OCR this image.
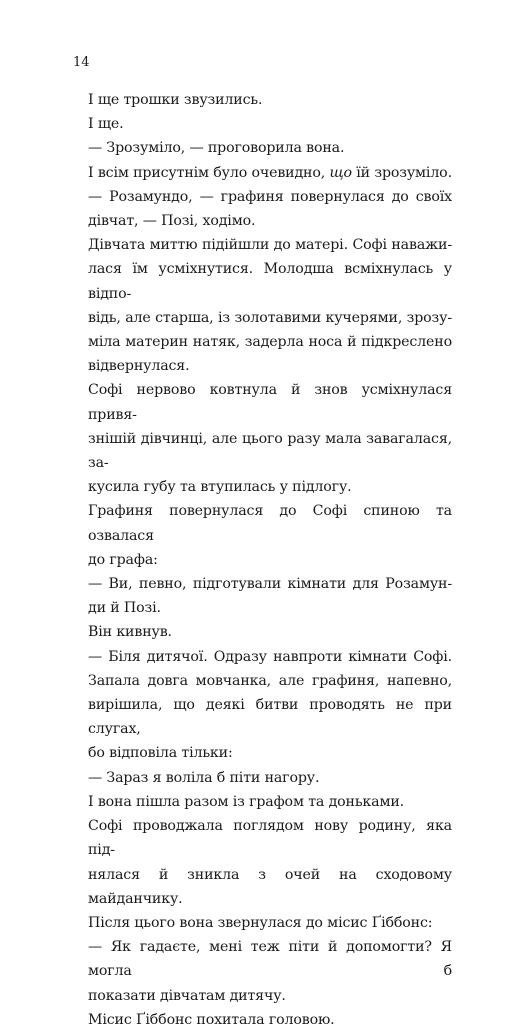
14
І ще трошки звузились.
І ще.
— Зрозуміло, — проговорила вона.
І всім присутнім було очевидно, що їй зрозуміло.
— Розамундо, — графиня повернулася до своїх
дівчат, — Позі, ходімо.
Дівчата миттю підійшли до матері. Софі наважи-
лася їм усміхнутися. Молодша всміхнулась у відпо-
відь, але старша, із золотавими кучерями, зрозу-
міла материн натяк, задерла носа й підкреслено
відвернулася.
Софі нервово ковтнула й знов усміхнулася привя-
знішій дівчинці, але цього разу мала завагалася, за-
кусила губу та втупилась у підлогу.
Графиня повернулася до Софі спиною та озвалася
до графа:
— Ви, певно, підготували кімнати для Розамун-
ди й Позі.
Він кивнув.
— Біля дитячої. Одразу навпроти кімнати Софі.
Запала довга мовчанка, але графиня, напевно,
вирішила, що деякі битви проводять не при слугах,
бо відповіла тільки:
— Зараз я воліла б піти нагору.
І вона пішла разом із графом та доньками.
Софі проводжала поглядом нову родину, яка під-
нялася й зникла з очей на сходовому майданчику.
Після цього вона звернулася до місис Ґіббонс:
— Як гадаєте, мені теж піти й допомогти? Я могла б
показати дівчатам дитячу.
Місис Ґіббонс похитала головою.
